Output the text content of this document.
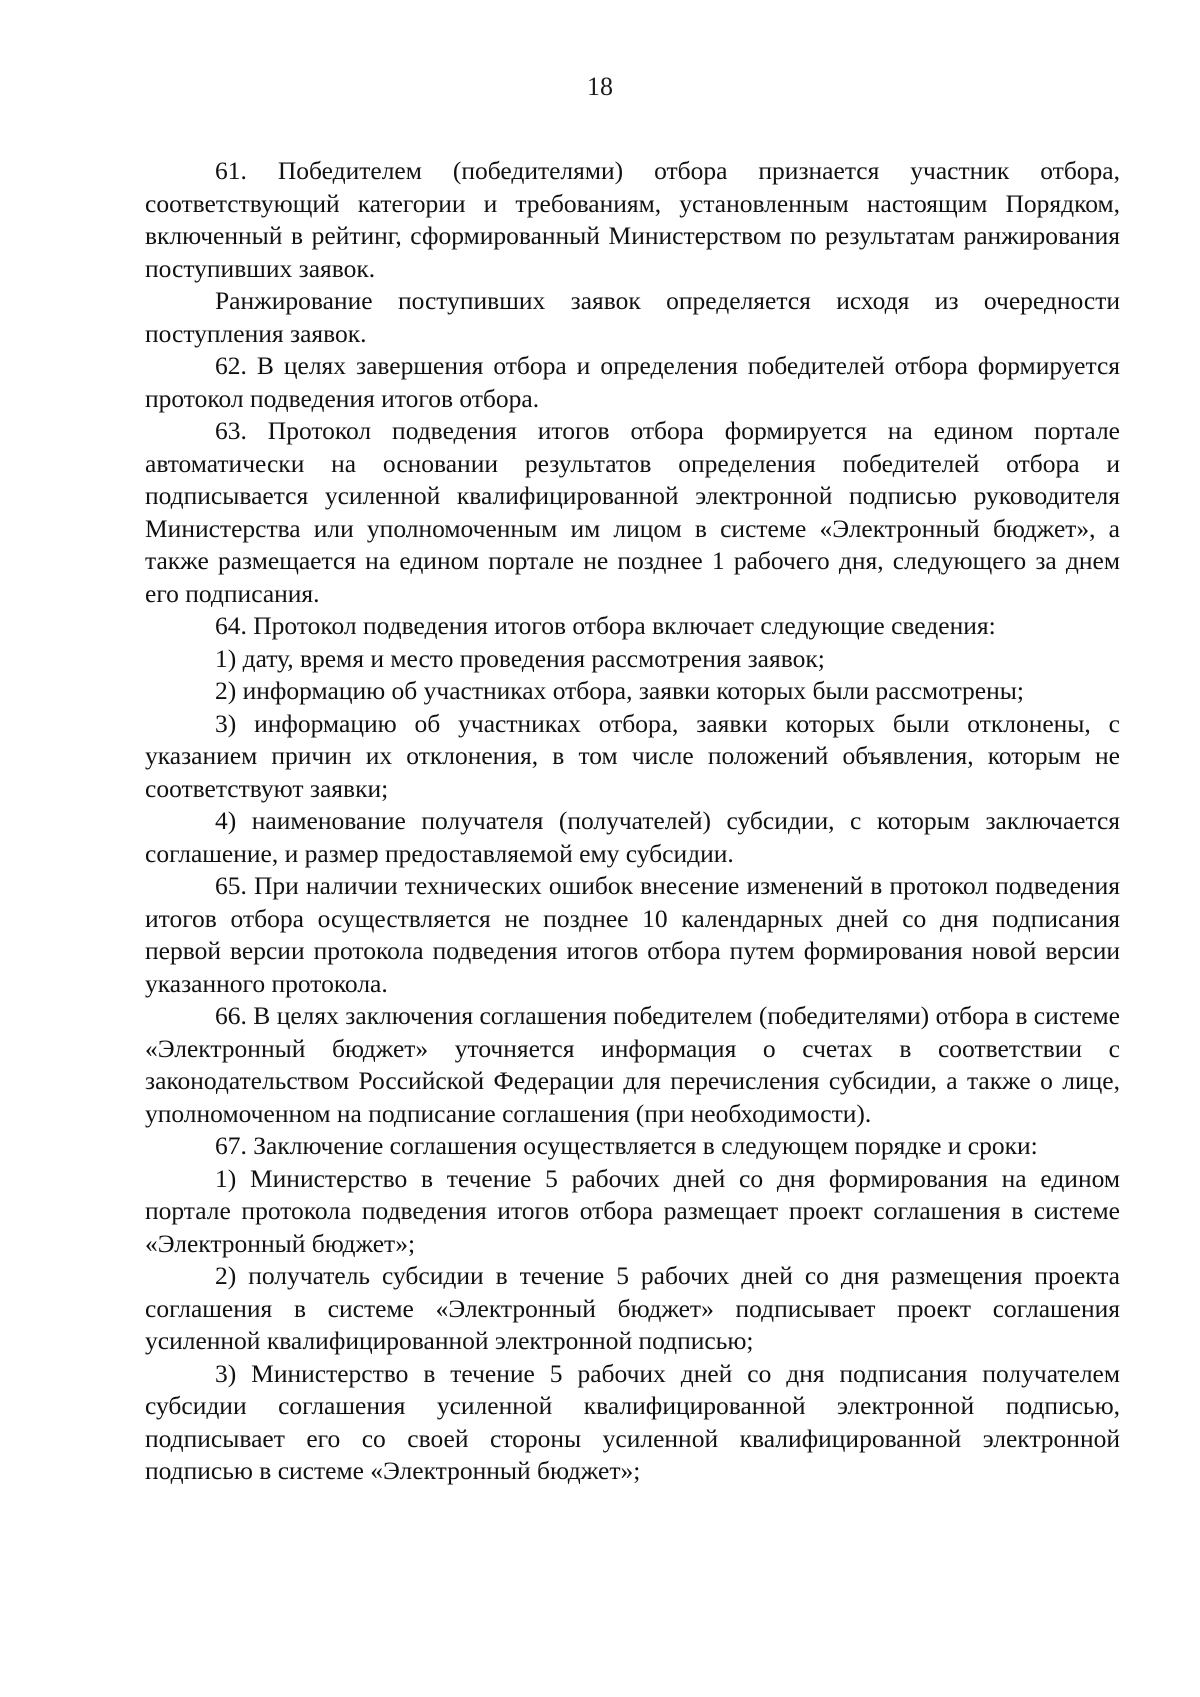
18

61. Победителем (победителями) отбора признается участник отбора, соответствующий категории и требованиям, установленным настоящим Порядком, включенный в рейтинг, сформированный Министерством по результатам ранжирования поступивших заявок.

Ранжирование поступивших заявок определяется исходя из очередности поступления заявок.

62. В целях завершения отбора и определения победителей отбора формируется протокол подведения итогов отбора.

63. Протокол подведения итогов отбора формируется на едином портале автоматически на основании результатов определения победителей отбора и подписывается усиленной квалифицированной электронной подписью руководителя Министерства или уполномоченным им лицом в системе «Электронный бюджет», а также размещается на едином портале не позднее 1 рабочего дня, следующего за днем его подписания.

64. Протокол подведения итогов отбора включает следующие сведения:

1) дату, время и место проведения рассмотрения заявок;

2) информацию об участниках отбора, заявки которых были рассмотрены;

3) информацию об участниках отбора, заявки которых были отклонены, с указанием причин их отклонения, в том числе положений объявления, которым не соответствуют заявки;

4) наименование получателя (получателей) субсидии, с которым заключается соглашение, и размер предоставляемой ему субсидии.

65. При наличии технических ошибок внесение изменений в протокол подведения итогов отбора осуществляется не позднее 10 календарных дней со дня подписания первой версии протокола подведения итогов отбора путем формирования новой версии указанного протокола.

66. В целях заключения соглашения победителем (победителями) отбора в системе «Электронный бюджет» уточняется информация о счетах в соответствии с законодательством Российской Федерации для перечисления субсидии, а также о лице, уполномоченном на подписание соглашения (при необходимости).

67. Заключение соглашения осуществляется в следующем порядке и сроки:

1) Министерство в течение 5 рабочих дней со дня формирования на едином портале протокола подведения итогов отбора размещает проект соглашения в системе «Электронный бюджет»;

2) получатель субсидии в течение 5 рабочих дней со дня размещения проекта соглашения в системе «Электронный бюджет» подписывает проект соглашения усиленной квалифицированной электронной подписью;

3) Министерство в течение 5 рабочих дней со дня подписания получателем субсидии соглашения усиленной квалифицированной электронной подписью, подписывает его со своей стороны усиленной квалифицированной электронной подписью в системе «Электронный бюджет»;
